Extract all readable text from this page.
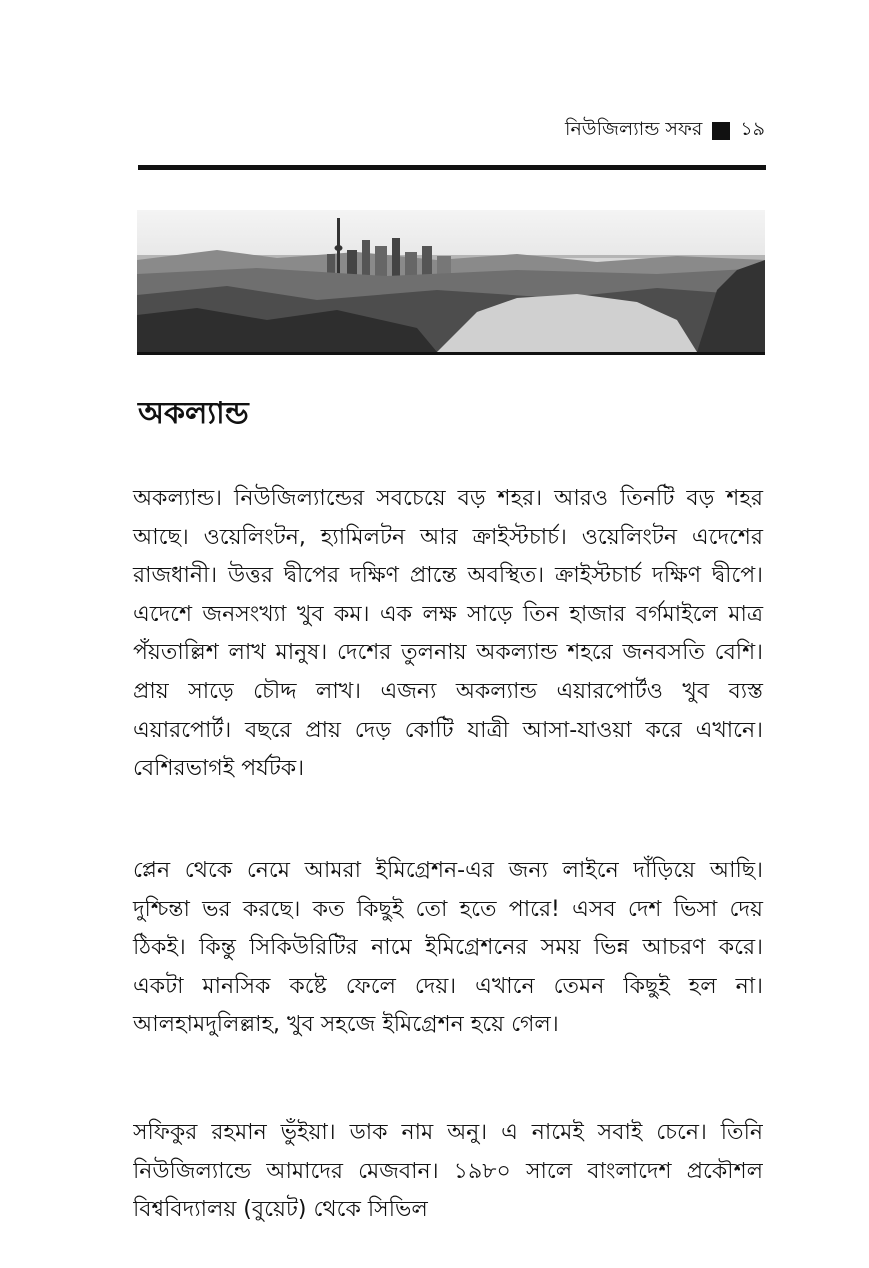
নিউজিল্যান্ড সফর ১৯
অকল্যান্ড

অকল্যান্ড। নিউজিল্যান্ডের সবচেয়ে বড় শহর। আরও তিনটি বড় শহর আছে। ওয়েলিংটন, হ্যামিলটন আর ক্রাইস্টচার্চ। ওয়েলিংটন এদেশের রাজধানী। উত্তর দ্বীপের দক্ষিণ প্রান্তে অবস্থিত। ক্রাইস্টচার্চ দক্ষিণ দ্বীপে। এদেশে জনসংখ্যা খুব কম। এক লক্ষ সাড়ে তিন হাজার বর্গমাইলে মাত্র পঁয়তাল্লিশ লাখ মানুষ। দেশের তুলনায় অকল্যান্ড শহরে জনবসতি বেশি। প্রায় সাড়ে চৌদ্দ লাখ। এজন্য অকল্যান্ড এয়ারপোর্টও খুব ব্যস্ত এয়ারপোর্ট। বছরে প্রায় দেড় কোটি যাত্রী আসা-যাওয়া করে এখানে। বেশিরভাগই পর্যটক।

প্লেন থেকে নেমে আমরা ইমিগ্রেশন-এর জন্য লাইনে দাঁড়িয়ে আছি। দুশ্চিন্তা ভর করছে। কত কিছুই তো হতে পারে! এসব দেশ ভিসা দেয় ঠিকই। কিন্তু সিকিউরিটির নামে ইমিগ্রেশনের সময় ভিন্ন আচরণ করে। একটা মানসিক কষ্টে ফেলে দেয়। এখানে তেমন কিছুই হল না। আলহামদুলিল্লাহ, খুব সহজে ইমিগ্রেশন হয়ে গেল।

সফিকুর রহমান ভুঁইয়া। ডাক নাম অনু। এ নামেই সবাই চেনে। তিনি নিউজিল্যান্ডে আমাদের মেজবান। ১৯৮০ সালে বাংলাদেশ প্রকৌশল বিশ্ববিদ্যালয় (বুয়েট) থেকে সিভিল
